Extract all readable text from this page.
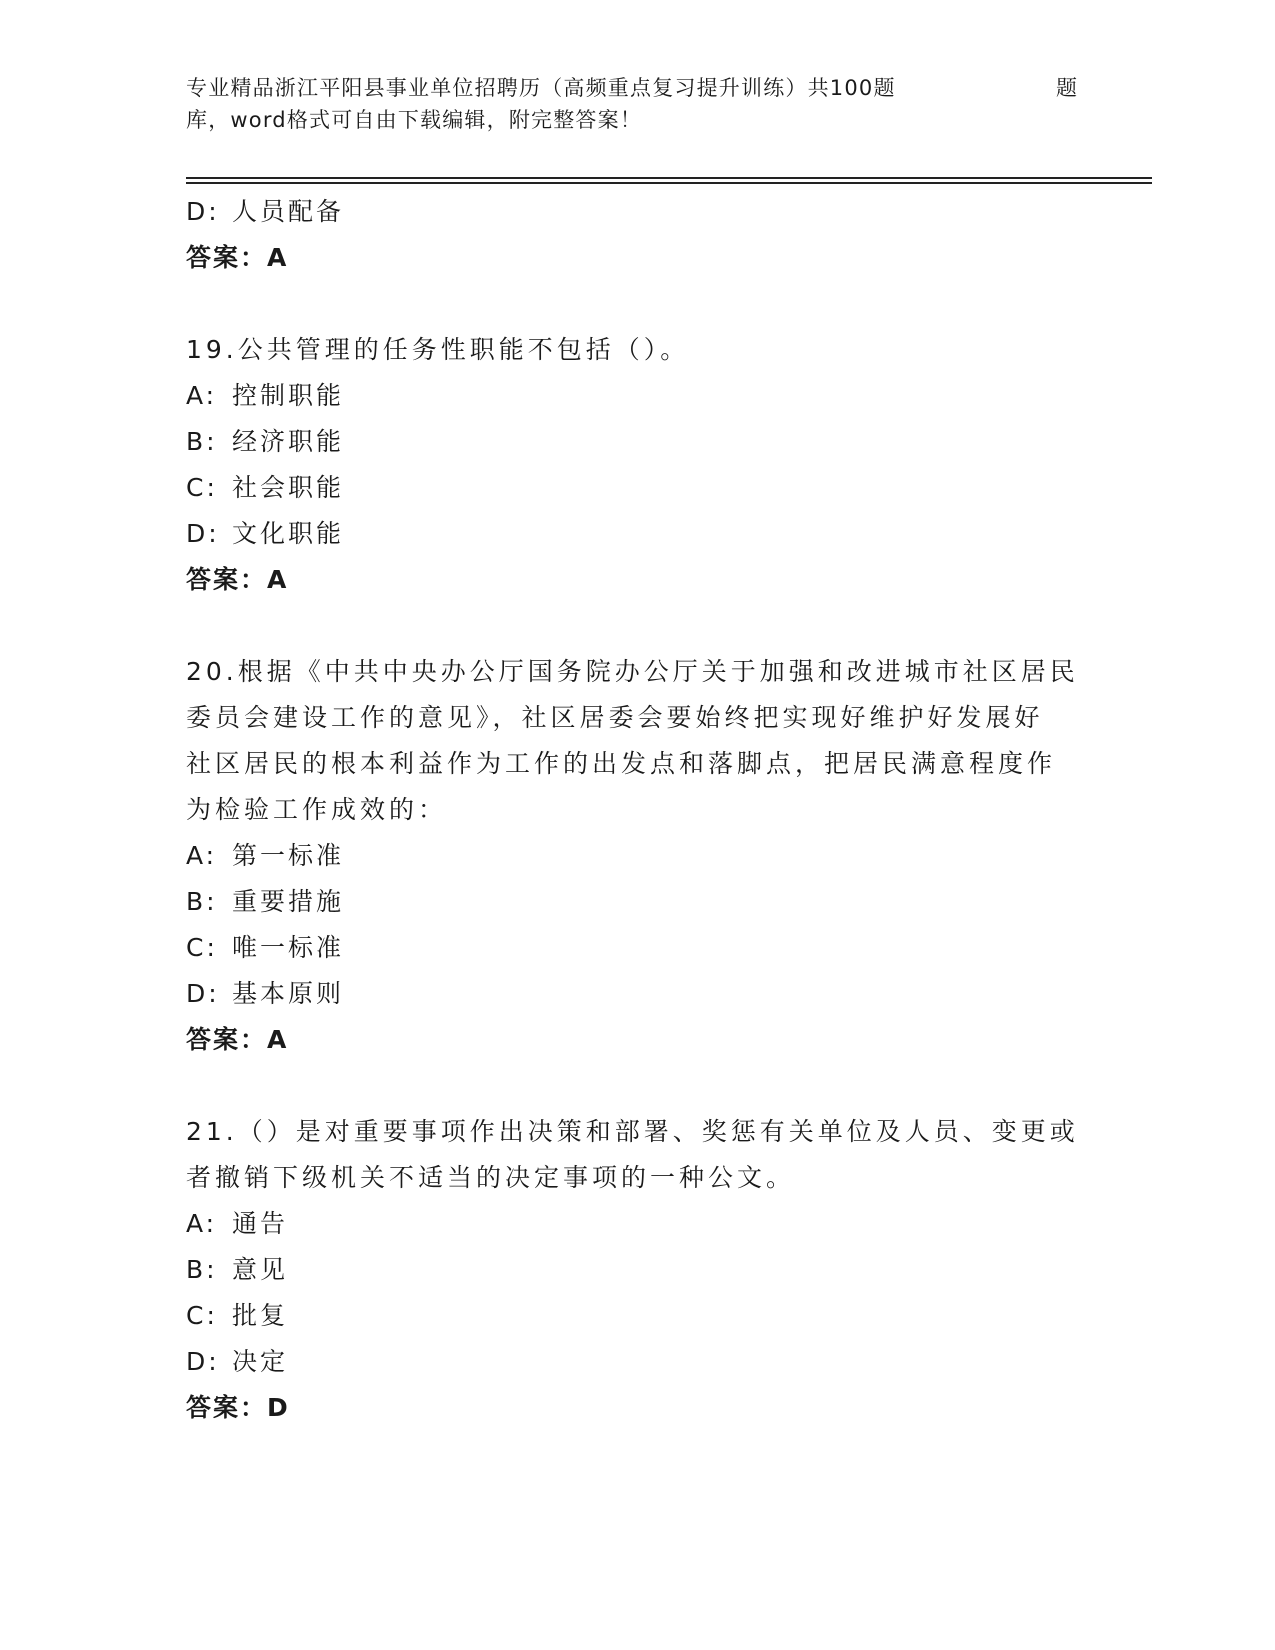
专业精品浙江平阳县事业单位招聘历（高频重点复习提升训练）共100题	题
库，word格式可自由下载编辑，附完整答案！
D: 人员配备
答案：A
19.公共管理的任务性职能不包括（）。
A: 控制职能
B: 经济职能
C: 社会职能
D: 文化职能
答案：A
20.根据《中共中央办公厅国务院办公厅关于加强和改进城市社区居民
委员会建设工作的意见》，社区居委会要始终把实现好维护好发展好
社区居民的根本利益作为工作的出发点和落脚点，把居民满意程度作
为检验工作成效的：
A: 第一标准
B: 重要措施
C: 唯一标准
D: 基本原则
答案：A
21.（）是对重要事项作出决策和部署、奖惩有关单位及人员、变更或
者撤销下级机关不适当的决定事项的一种公文。
A: 通告
B: 意见
C: 批复
D: 决定
答案：D
